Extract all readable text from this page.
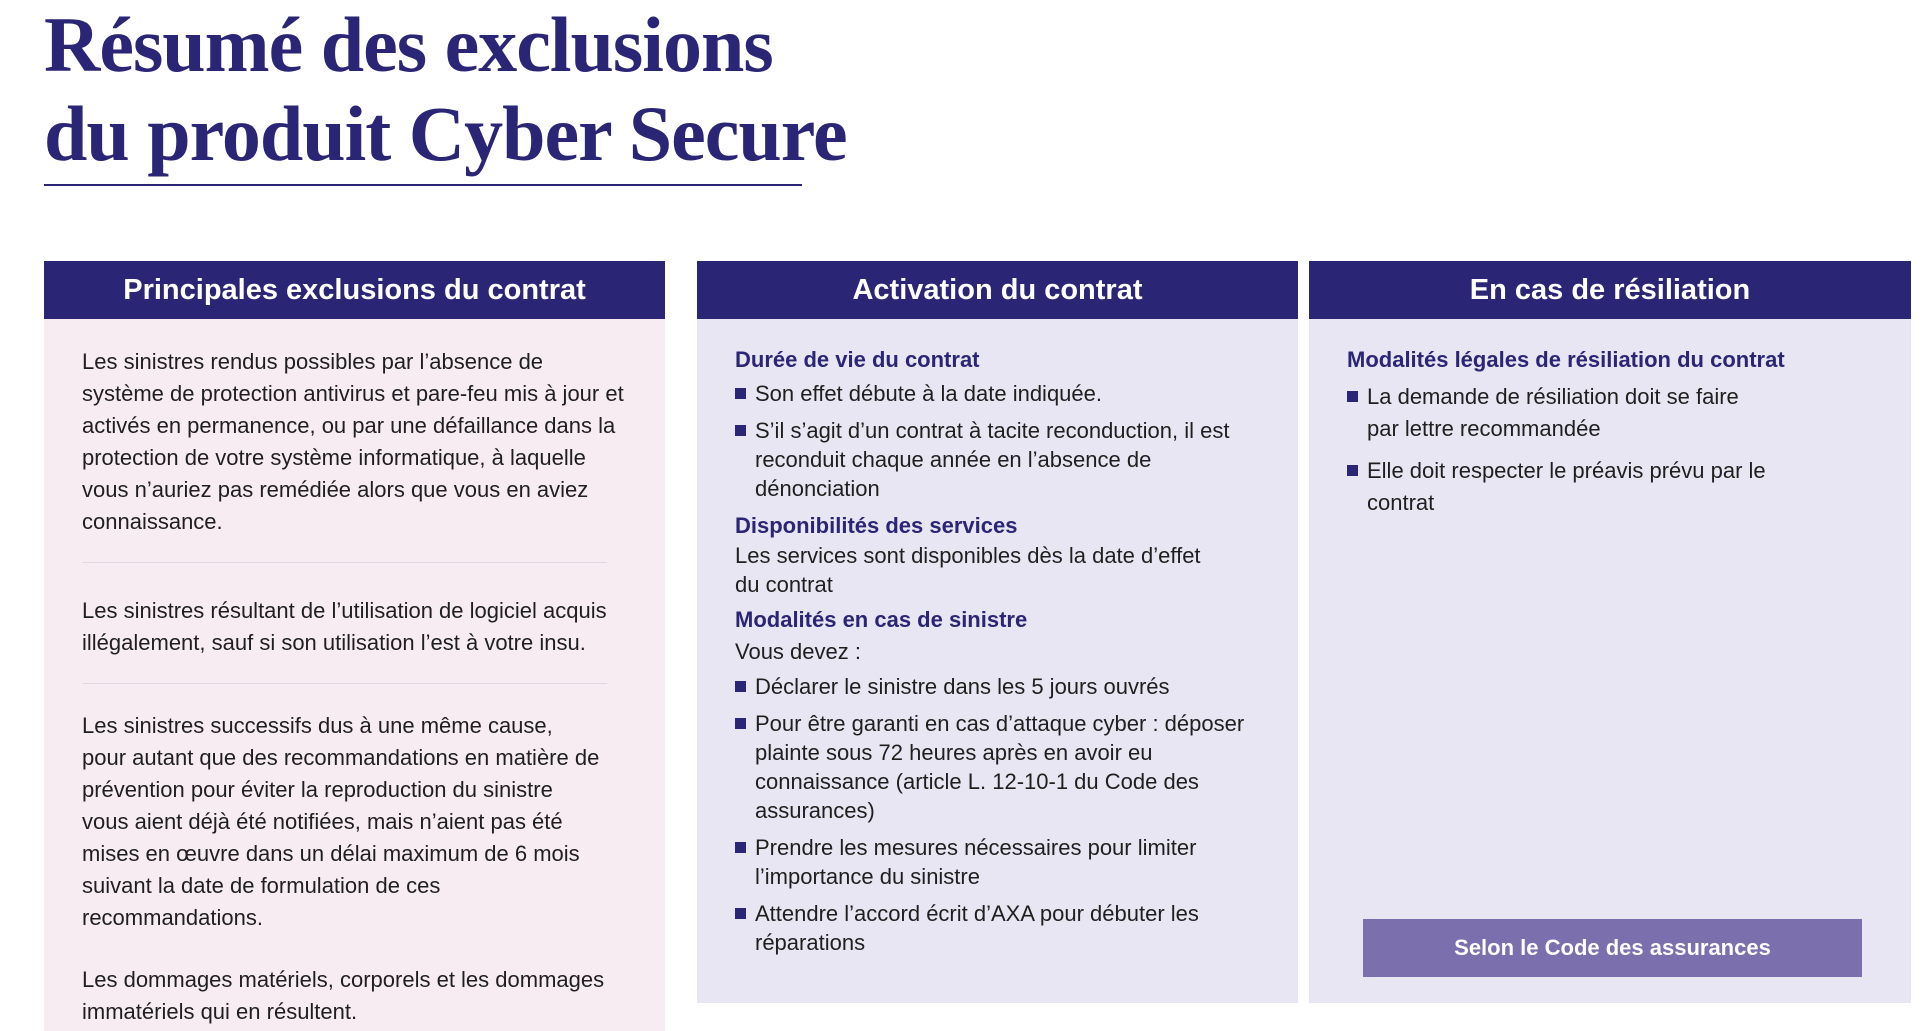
Résumé des exclusions
du produit Cyber Secure
Principales exclusions du contrat

Les sinistres rendus possibles par l’absence de système de protection antivirus et pare-feu mis à jour et activés en permanence, ou par une défaillance dans la protection de votre système informatique, à laquelle vous n’auriez pas remédiée alors que vous en aviez connaissance.

Les sinistres résultant de l’utilisation de logiciel acquis illégalement, sauf si son utilisation l’est à votre insu.

Les sinistres successifs dus à une même cause, pour autant que des recommandations en matière de prévention pour éviter la reproduction du sinistre vous aient déjà été notifiées, mais n’aient pas été mises en œuvre dans un délai maximum de 6 mois suivant la date de formulation de ces recommandations.

Les dommages matériels, corporels et les dommages immatériels qui en résultent.

Activation du contrat

Durée de vie du contrat

Son effet débute à la date indiquée.
S’il s’agit d’un contrat à tacite reconduction, il est reconduit chaque année en l’absence de dénonciation

Disponibilités des services

Les services sont disponibles dès la date d’effet du contrat

Modalités en cas de sinistre

Vous devez :

Déclarer le sinistre dans les 5 jours ouvrés
Pour être garanti en cas d’attaque cyber : déposer plainte sous 72 heures après en avoir eu connaissance (article L. 12-10-1 du Code des assurances)
Prendre les mesures nécessaires pour limiter l’importance du sinistre
Attendre l’accord écrit d’AXA pour débuter les réparations
En cas de résiliation

Modalités légales de résiliation du contrat

La demande de résiliation doit se faire par lettre recommandée
Elle doit respecter le préavis prévu par le contrat
Selon le Code des assurances
